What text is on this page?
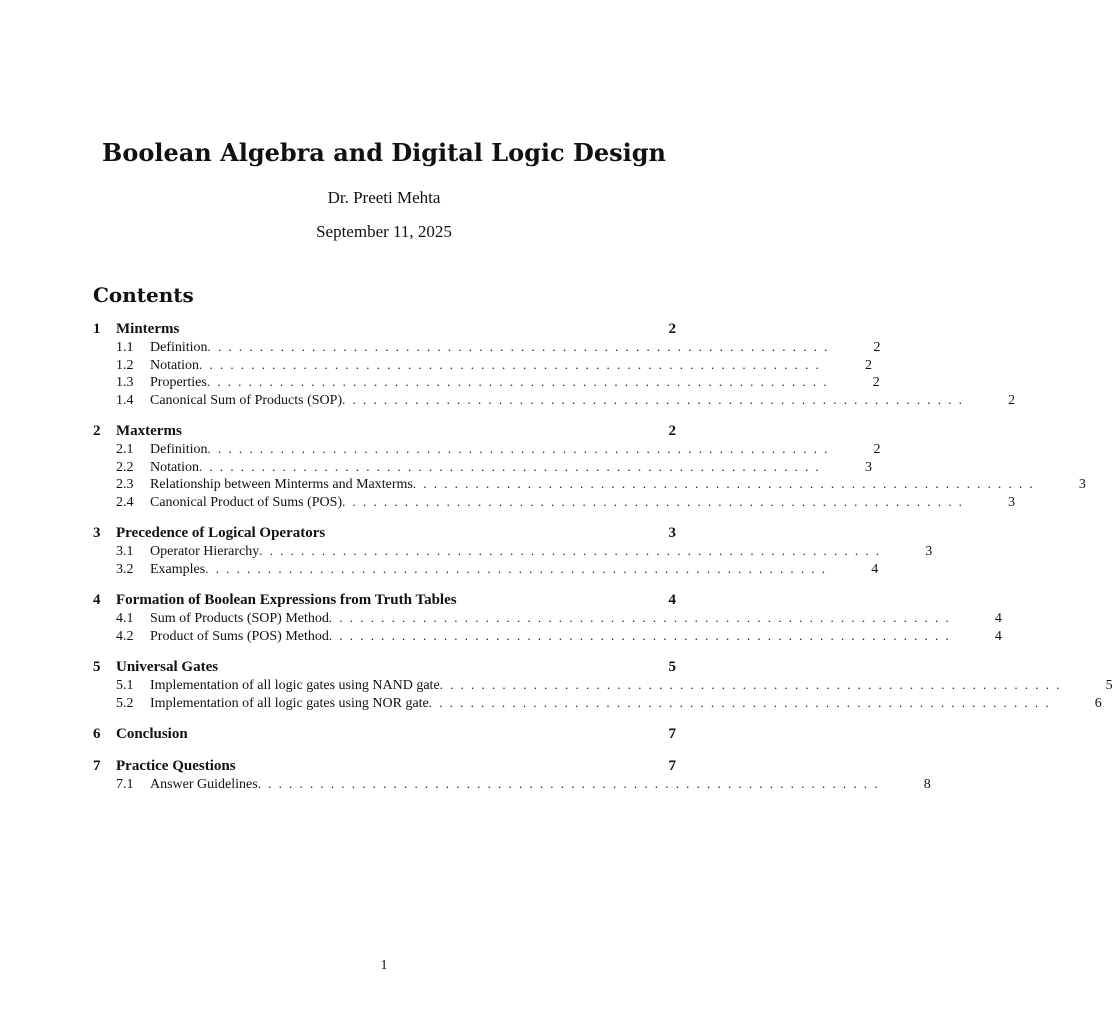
Boolean Algebra and Digital Logic Design
Dr. Preeti Mehta
September 11, 2025
Contents
1	Minterms	2
1.1	Definition ............................................................	2
1.2	Notation ............................................................	2
1.3	Properties ............................................................	2
1.4	Canonical Sum of Products (SOP) ............................................................	2
2	Maxterms	2
2.1	Definition ............................................................	2
2.2	Notation ............................................................	3
2.3	Relationship between Minterms and Maxterms ............................................................	3
2.4	Canonical Product of Sums (POS) ............................................................	3
3	Precedence of Logical Operators	3
3.1	Operator Hierarchy ............................................................	3
3.2	Examples ............................................................	4
4	Formation of Boolean Expressions from Truth Tables	4
4.1	Sum of Products (SOP) Method ............................................................	4
4.2	Product of Sums (POS) Method ............................................................	4
5	Universal Gates	5
5.1	Implementation of all logic gates using NAND gate ............................................................	5
5.2	Implementation of all logic gates using NOR gate ............................................................	6
6	Conclusion	7
7	Practice Questions	7
7.1	Answer Guidelines ............................................................	8
1
